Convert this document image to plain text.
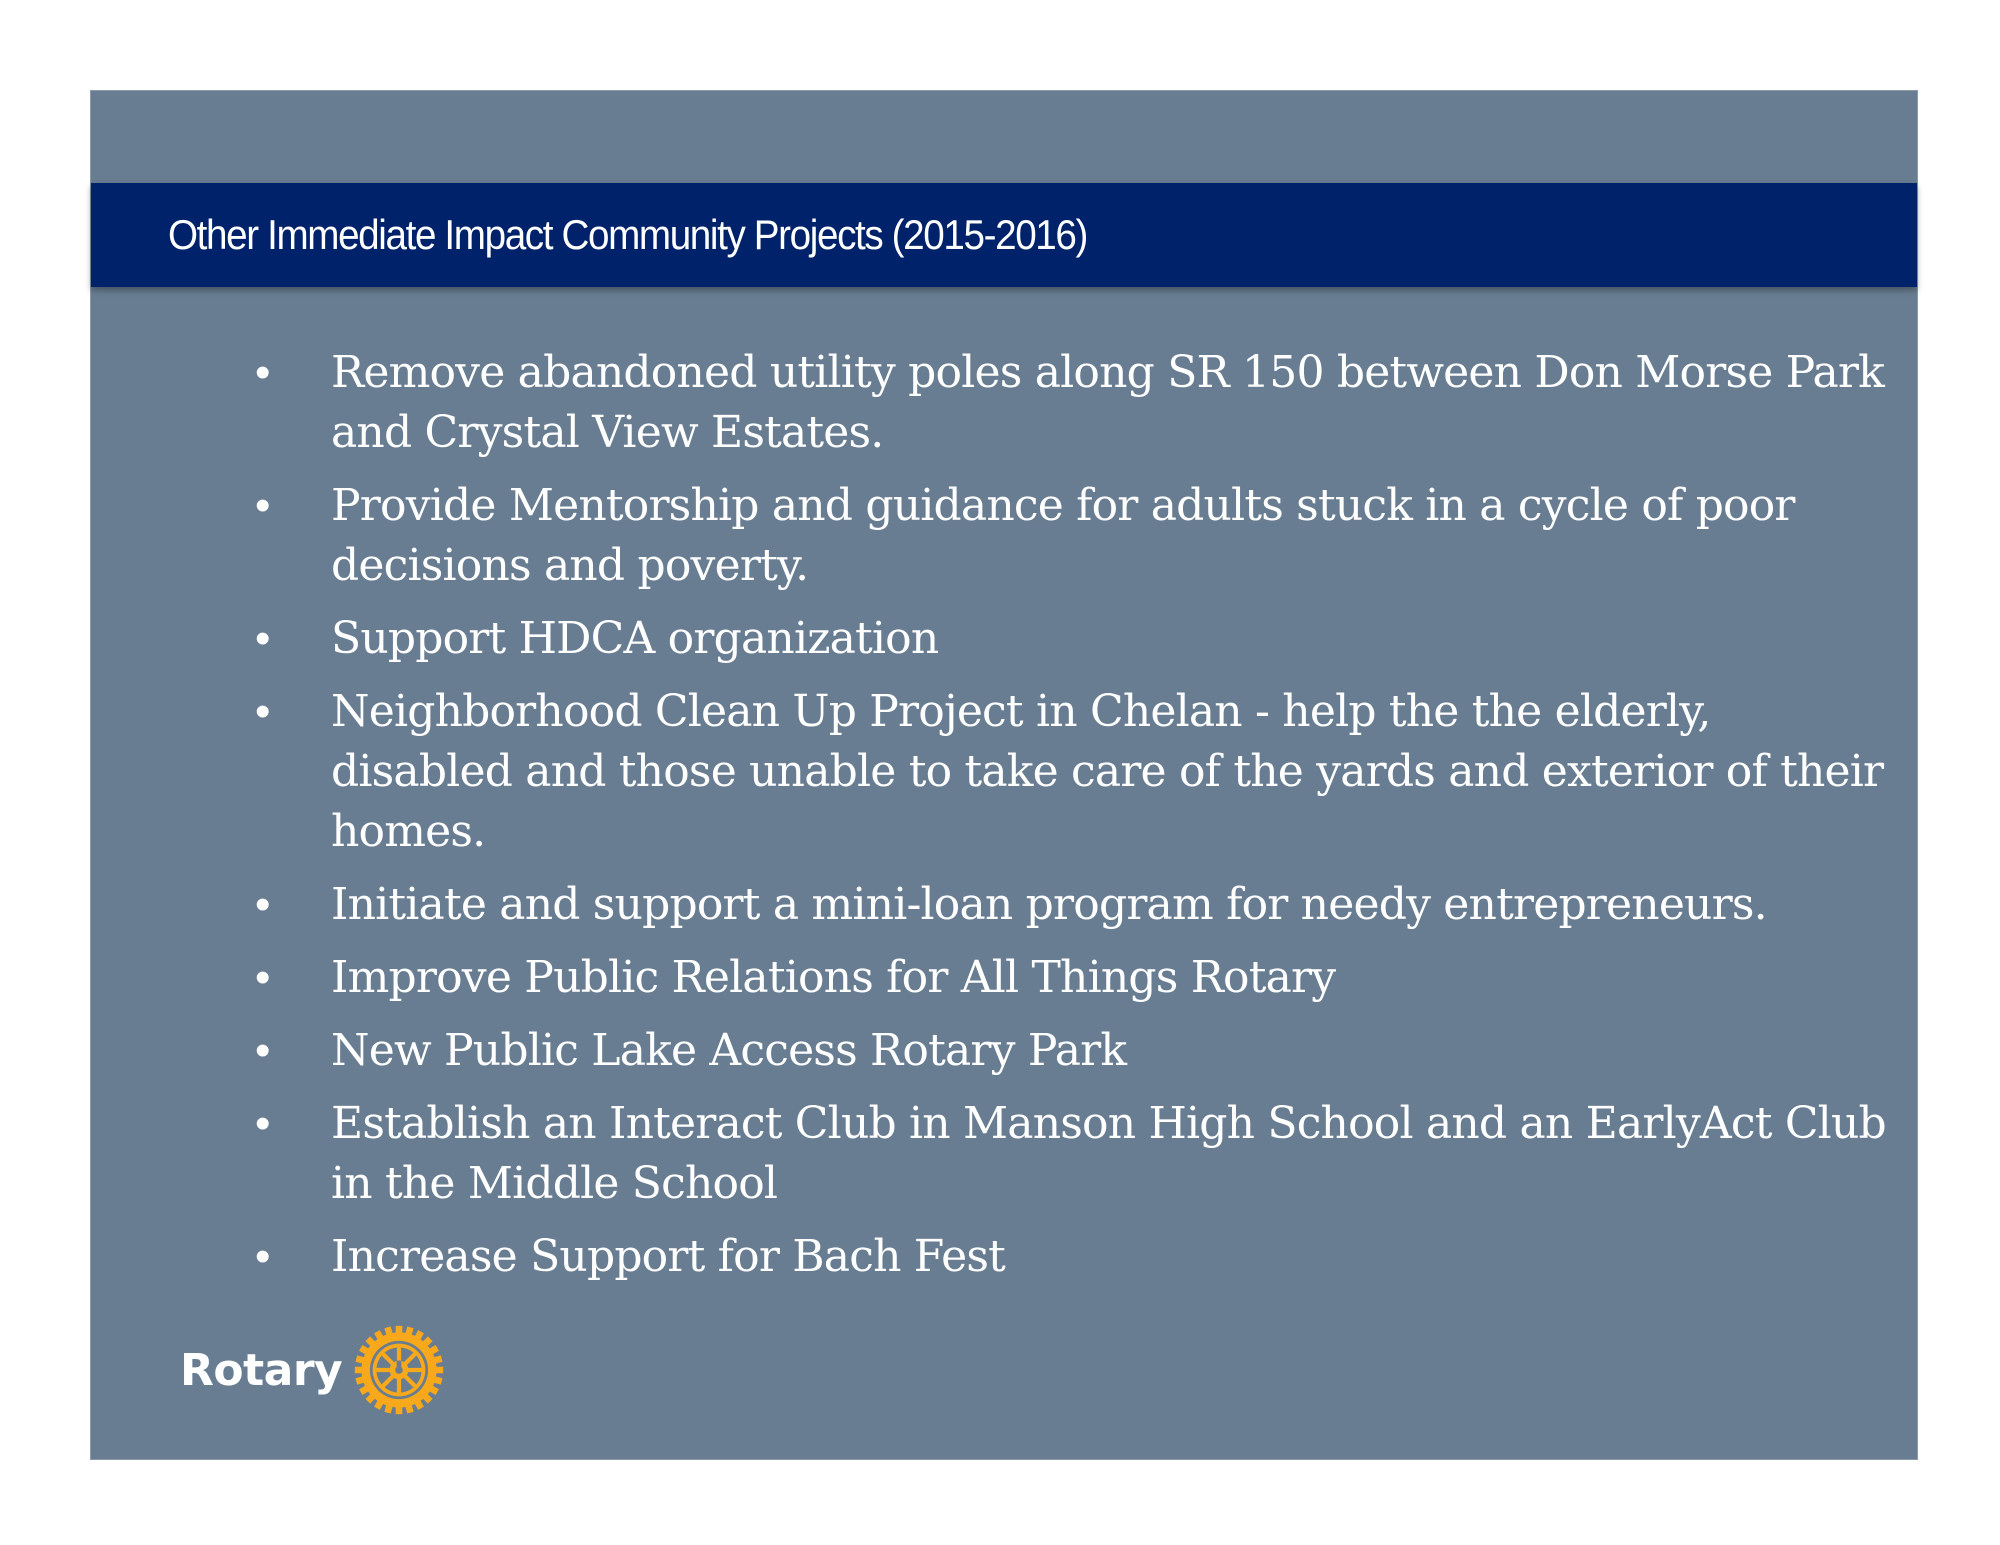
Other Immediate Impact Community Projects (2015-2016)
•	Remove abandoned utility poles along SR 150 between Don Morse Park and Crystal View Estates.
•	Provide Mentorship and guidance for adults stuck in a cycle of poor decisions and poverty.
•	Support HDCA organization
•	Neighborhood Clean Up Project in Chelan - help the the elderly, disabled and those unable to take care of the yards and exterior of their homes.
•	Initiate and support a mini-loan program for needy entrepreneurs.
•	Improve Public Relations for All Things Rotary
•	New Public Lake Access Rotary Park
•	Establish an Interact Club in Manson High School and an EarlyAct Club in the Middle School
•	Increase Support for Bach Fest
Rotary
